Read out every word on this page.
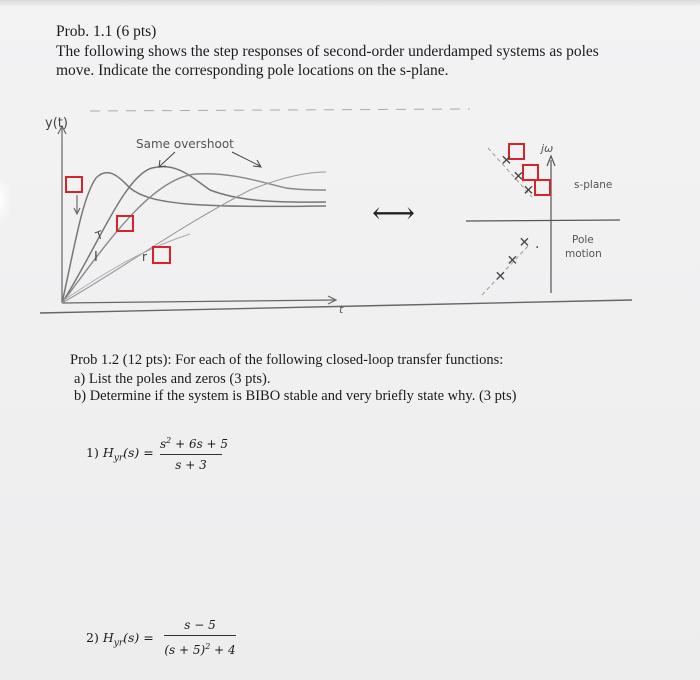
Prob. 1.1 (6 pts)
The following shows the step responses of second-order underdamped systems as poles
move. Indicate the corresponding pole locations on the s-plane.
y(t)
Same overshoot
t
I
T
r
⟷
jω
s-plane
Pole
motion
+
+
+
+
+
+
.
Prob 1.2 (12 pts): For each of the following closed-loop transfer functions:
a) List the poles and zeros (3 pts).
b) Determine if the system is BIBO stable and very briefly state why. (3 pts)
1) $H_{yr}(s)$ =
$s^2 + 6s + 5$
s + 3
2) $H_{yr}(s)$ =
s − 5
$(s + 5)^2 + 4$
